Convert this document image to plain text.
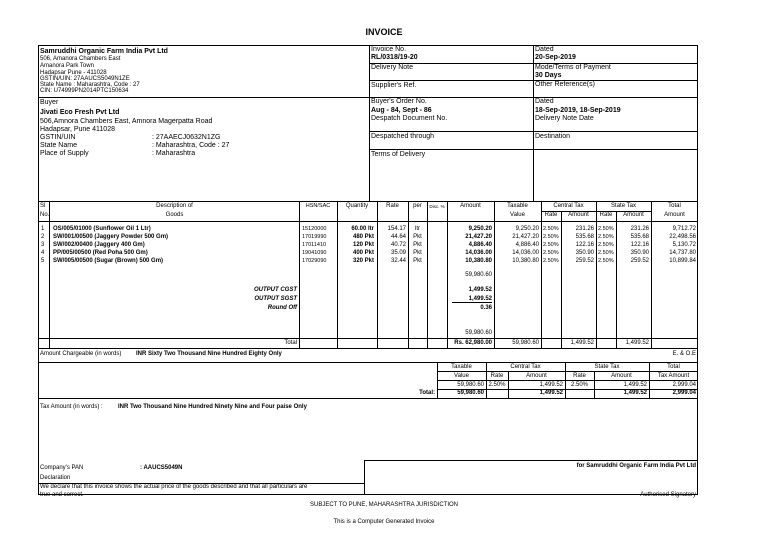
INVOICE
Samruddhi Organic Farm India Pvt Ltd
506, Amanora Chambers East
Amanora Park Town
Hadapsar Pune - 411028
GSTIN/UIN: 27AAUCS5049N1ZE
State Name : Maharashtra, Code : 27
CIN: U74999PN2014PTC150634
Buyer
Jivati Eco Fresh Pvt Ltd
506,Amnora Chambers East, Amnora Magerpatta Road
Hadapsar, Pune 411028
GSTIN/UIN	: 27AAECJ0632N1ZG
State Name	: Maharashtra, Code : 27
Place of Supply	: Maharashtra
Invoice No.
RL/0318/19-20
Dated
20-Sep-2019
Delivery Note	Mode/Terms of Payment
30 Days
Supplier's Ref.	Other Reference(s)
Buyer's Order No.
Aug - 84, Sept - 86
Dated
18-Sep-2019, 18-Sep-2019
Despatch Document No.	Delivery Note Date
Despatched through	Destination
Terms of Delivery
Sl
No.
Description of
Goods
HSN/SAC	Quantity	Rate	per	Disc. %	Amount	Taxable
Value
Central Tax
Rate	Amount
State Tax
Rate	Amount
Total
Amount
1 OS/005/01000 (Sunflower Oil 1 Ltr)	15120000	60.00 ltr	154.17	ltr	9,250.20	9,250.20 2.50%	231.26 2.50%	231.26	9,712.72
2 SW/001/00500 (Jaggery Powder 500 Gm)	17019990	480 Pkt	44.64	Pkt	21,427.20	21,427.20 2.50%	535.68 2.50%	535.68	22,498.56
3 SW/002/00400 (Jaggery 400 Gm)	17011410	120 Pkt	40.72	Pkt	4,886.40	4,886.40 2.50%	122.16 2.50%	122.16	5,130.72
4 PP/005/00500 (Red Poha 500 Gm)	19041090	400 Pkt	35.09	Pkt	14,036.00	14,036.00 2.50%	350.90 2.50%	350.90	14,737.80
5 SW/005/00500 (Sugar (Brown) 500 Gm)	17029090	320 Pkt	32.44	Pkt	10,380.80	10,380.80 2.50%	259.52 2.50%	259.52	10,899.84
59,980.60
OUTPUT CGST	1,499.52
OUTPUT SGST	1,499.52
Round Off	0.36
59,980.60
Total	Rs. 62,980.00	59,980.60	1,499.52	1,499.52
Amount Chargeable (in words) INR Sixty Two Thousand Nine Hundred Eighty Only	E. & O.E
Taxable
Value
Central Tax
Rate	Amount
State Tax
Rate	Amount
Total
Tax Amount
59,980.60 2.50%	1,499.52	2.50%	1,499.52	2,999.04
Total:	59,980.60	1,499.52	1,499.52	2,999.04
Tax Amount (in words) :	INR Two Thousand Nine Hundred Ninety Nine and Four paise Only
Company's PAN	: AAUCS5049N
Declaration
We declare that this invoice shows the actual price of the goods described and that all particulars are
true and correct.
for Samruddhi Organic Farm India Pvt Ltd
Authorised Signatory
SUBJECT TO PUNE, MAHARASHTRA JURISDICTION
This is a Computer Generated Invoice
